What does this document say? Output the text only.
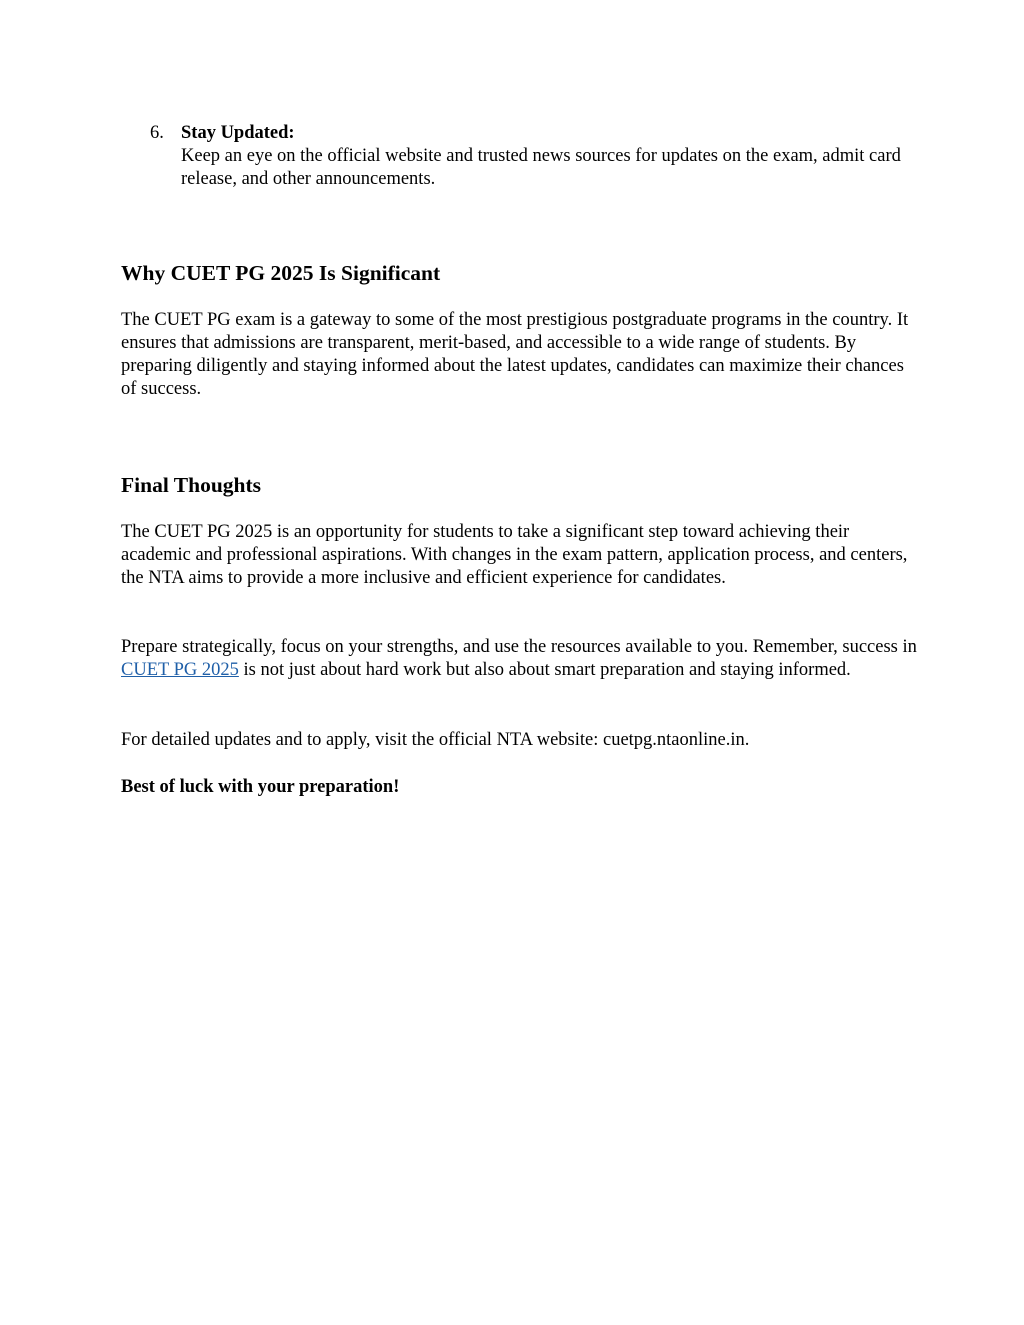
6. Stay Updated:
Keep an eye on the official website and trusted news sources for updates on the exam, admit card release, and other announcements.
Why CUET PG 2025 Is Significant

The CUET PG exam is a gateway to some of the most prestigious postgraduate programs in the country. It ensures that admissions are transparent, merit-based, and accessible to a wide range of students. By preparing diligently and staying informed about the latest updates, candidates can maximize their chances of success.

Final Thoughts

The CUET PG 2025 is an opportunity for students to take a significant step toward achieving their academic and professional aspirations. With changes in the exam pattern, application process, and centers, the NTA aims to provide a more inclusive and efficient experience for candidates.

Prepare strategically, focus on your strengths, and use the resources available to you. Remember, success in CUET PG 2025 is not just about hard work but also about smart preparation and staying informed.

For detailed updates and to apply, visit the official NTA website: cuetpg.ntaonline.in.

Best of luck with your preparation!
